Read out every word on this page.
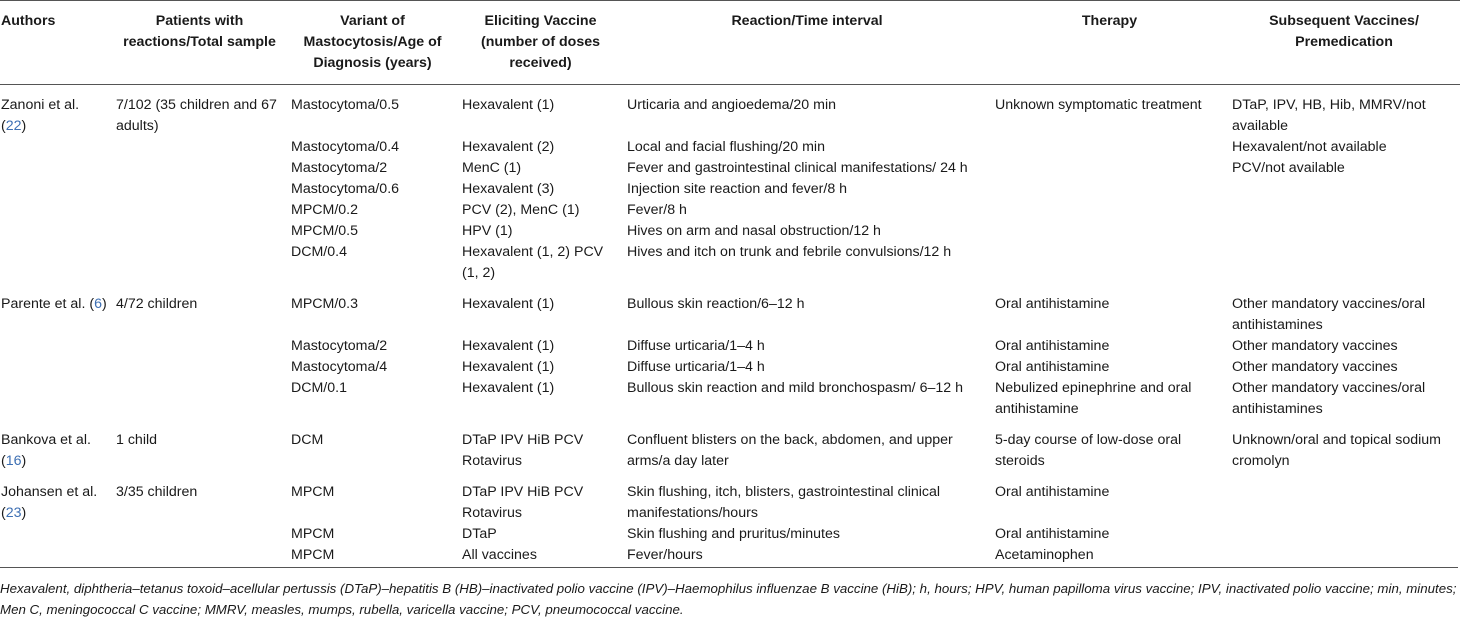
Authors	Patients with reactions/Total sample	Variant of Mastocytosis/Age of Diagnosis (years)	Eliciting Vaccine (number of doses received)	Reaction/Time interval	Therapy	Subsequent Vaccines/ Premedication
Zanoni et al. (22)	7/102 (35 children and 67 adults)	Mastocytoma/0.5	Hexavalent (1)	Urticaria and angioedema/20 min	Unknown symptomatic treatment	DTaP, IPV, HB, Hib, MMRV/not available
		Mastocytoma/0.4	Hexavalent (2)	Local and facial flushing/20 min		Hexavalent/not available
		Mastocytoma/2	MenC (1)	Fever and gastrointestinal clinical manifestations/ 24 h		PCV/not available
		Mastocytoma/0.6	Hexavalent (3)	Injection site reaction and fever/8 h		
		MPCM/0.2	PCV (2), MenC (1)	Fever/8 h		
		MPCM/0.5	HPV (1)	Hives on arm and nasal obstruction/12 h		
		DCM/0.4	Hexavalent (1, 2) PCV (1, 2)	Hives and itch on trunk and febrile convulsions/12 h		
Parente et al. (6)	4/72 children	MPCM/0.3	Hexavalent (1)	Bullous skin reaction/6–12 h	Oral antihistamine	Other mandatory vaccines/oral antihistamines
		Mastocytoma/2	Hexavalent (1)	Diffuse urticaria/1–4 h	Oral antihistamine	Other mandatory vaccines
		Mastocytoma/4	Hexavalent (1)	Diffuse urticaria/1–4 h	Oral antihistamine	Other mandatory vaccines
		DCM/0.1	Hexavalent (1)	Bullous skin reaction and mild bronchospasm/ 6–12 h	Nebulized epinephrine and oral antihistamine	Other mandatory vaccines/oral antihistamines
Bankova et al. (16)	1 child	DCM	DTaP IPV HiB PCV Rotavirus	Confluent blisters on the back, abdomen, and upper arms/a day later	5-day course of low-dose oral steroids	Unknown/oral and topical sodium cromolyn
Johansen et al. (23)	3/35 children	MPCM	DTaP IPV HiB PCV Rotavirus	Skin flushing, itch, blisters, gastrointestinal clinical manifestations/hours	Oral antihistamine	
		MPCM	DTaP	Skin flushing and pruritus/minutes	Oral antihistamine	
		MPCM	All vaccines	Fever/hours	Acetaminophen	
Hexavalent, diphtheria–tetanus toxoid–acellular pertussis (DTaP)–hepatitis B (HB)–inactivated polio vaccine (IPV)–Haemophilus influenzae B vaccine (HiB); h, hours; HPV, human papilloma virus vaccine; IPV, inactivated polio vaccine; min, minutes; Men C, meningococcal C vaccine; MMRV, measles, mumps, rubella, varicella vaccine; PCV, pneumococcal vaccine.
